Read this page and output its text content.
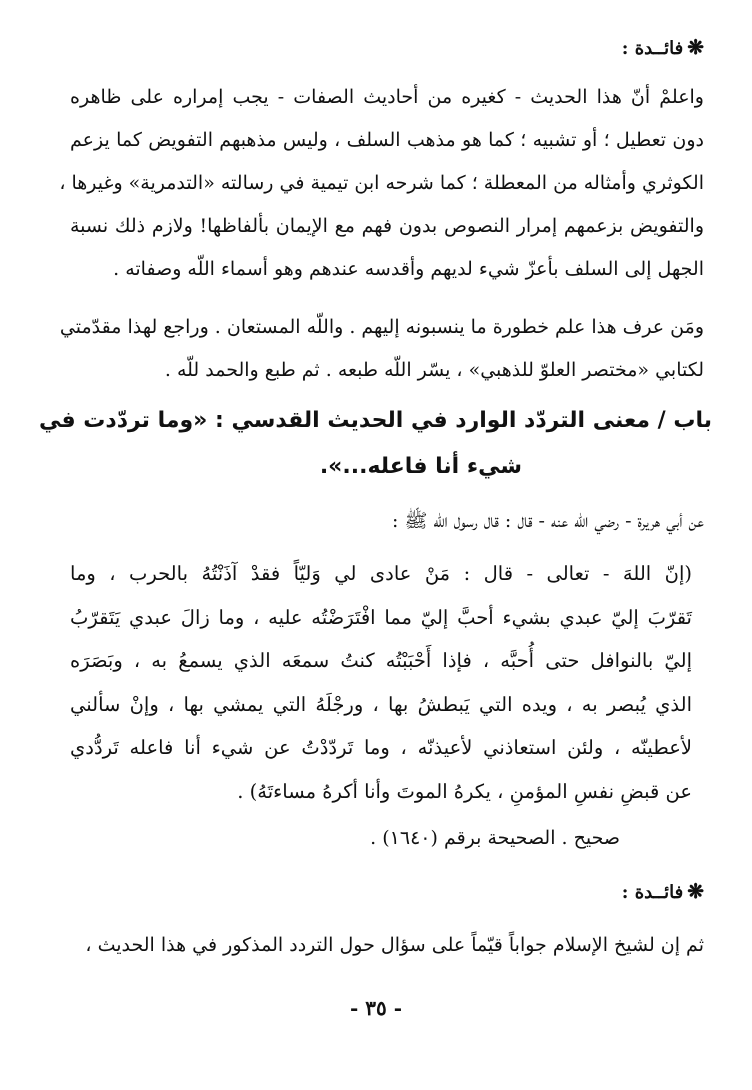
❋فائــدة :
واعلمْ أنّ هذا الحديث - كغيره من أحاديث الصفات - يجب إمراره على ظاهره
دون تعطيل ؛ أو تشبيه ؛ كما هو مذهب السلف ، وليس مذهبهم التفويض كما يزعم
الكوثري وأمثاله من المعطلة ؛ كما شرحه ابن تيمية في رسالته «التدمرية» وغيرها ،
والتفويض بزعمهم إمرار النصوص بدون فهم مع الإيمان بألفاظها! ولازم ذلك نسبة
الجهل إلى السلف بأعزّ شيء لديهم وأقدسه عندهم وهو أسماء اللّه وصفاته .
ومَن عرف هذا علم خطورة ما ينسبونه إليهم . واللّه المستعان . وراجع لهذا مقدّمتي
لكتابي «مختصر العلوّ للذهبي» ، يسّر اللّه طبعه . ثم طبع والحمد للّه .
باب / معنى التردّد الوارد في الحديث القدسي : «وما تردّدت في
شيء أنا فاعله...».
عن أبي هريرة - رضي الله عنه - قال : قال رسول الله ﷺ :
(إنّ اللهَ - تعالى - قال : مَنْ عادى لي وَليّاً فقدْ آذَنْتُهُ بالحرب ، وما
تَقرّبَ إليّ عبدي بشيء أحبَّ إليّ مما افْتَرَضْتُه عليه ، وما زالَ عبدي يَتَقرّبُ
إليّ بالنوافل حتى أُحبَّه ، فإذا أَحْبَبْتُه كنتُ سمعَه الذي يسمعُ به ، وبَصَرَه
الذي يُبصر به ، ويده التي يَبطشُ بها ، ورجْلَهُ التي يمشي بها ، وإنْ سألني
لأعطينّه ، ولئن استعاذني لأعيذنّه ، وما تَردّدْتُ عن شيء أنا فاعله تَردُّدي
عن قبضِ نفسِ المؤمنِ ، يكرهُ الموتَ وأنا أكرهُ مساءتَهُ) .
صحيح . الصحيحة برقم (١٦٤٠) .
❋فائــدة :
ثم إن لشيخ الإسلام جواباً قيّماً على سؤال حول التردد المذكور في هذا الحديث ،
- ٣٥ -
